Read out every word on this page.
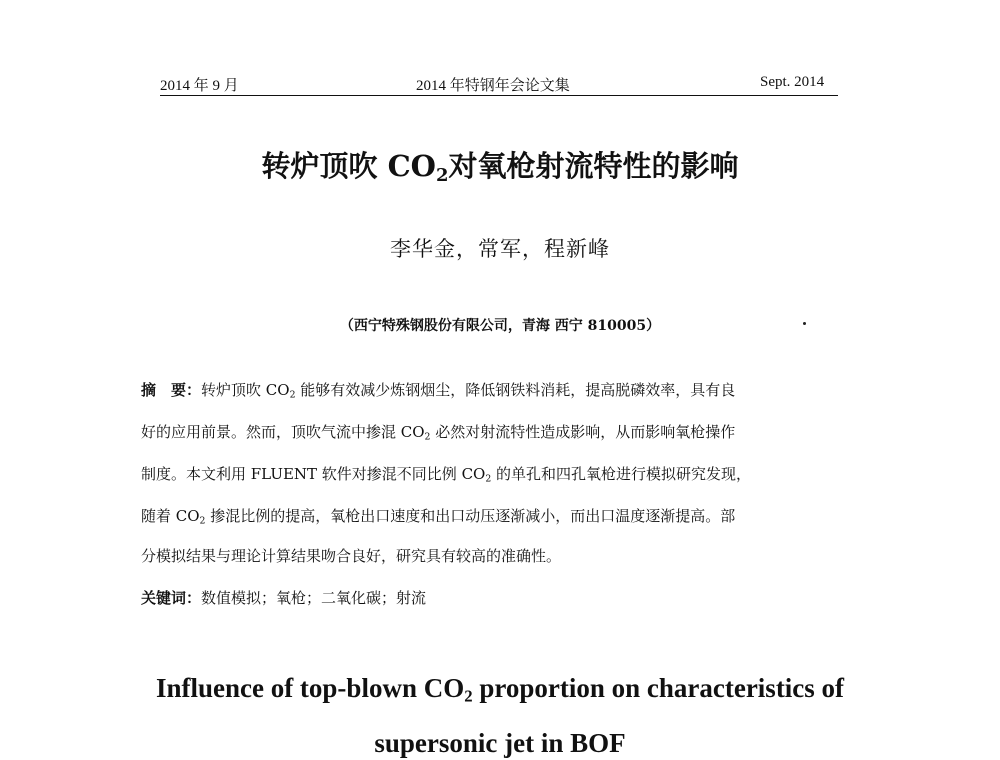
2014 年 9 月	2014 年特钢年会论文集	Sept. 2014
转炉顶吹 $CO_2$对氧枪射流特性的影响
李华金，常军，程新峰
（西宁特殊钢股份有限公司，青海 西宁 810005）
摘　要：转炉顶吹 $CO_2$ 能够有效减少炼钢烟尘，降低钢铁料消耗，提高脱磷效率，具有良
好的应用前景。然而，顶吹气流中掺混 $CO_2$ 必然对射流特性造成影响，从而影响氧枪操作
制度。本文利用 FLUENT 软件对掺混不同比例 $CO_2$ 的单孔和四孔氧枪进行模拟研究发现，
随着 $CO_2$ 掺混比例的提高，氧枪出口速度和出口动压逐渐减小，而出口温度逐渐提高。部
分模拟结果与理论计算结果吻合良好，研究具有较高的准确性。
关键词：数值模拟；氧枪；二氧化碳；射流
Influence of top-blown $CO_2$ proportion on characteristics of
supersonic jet in BOF
